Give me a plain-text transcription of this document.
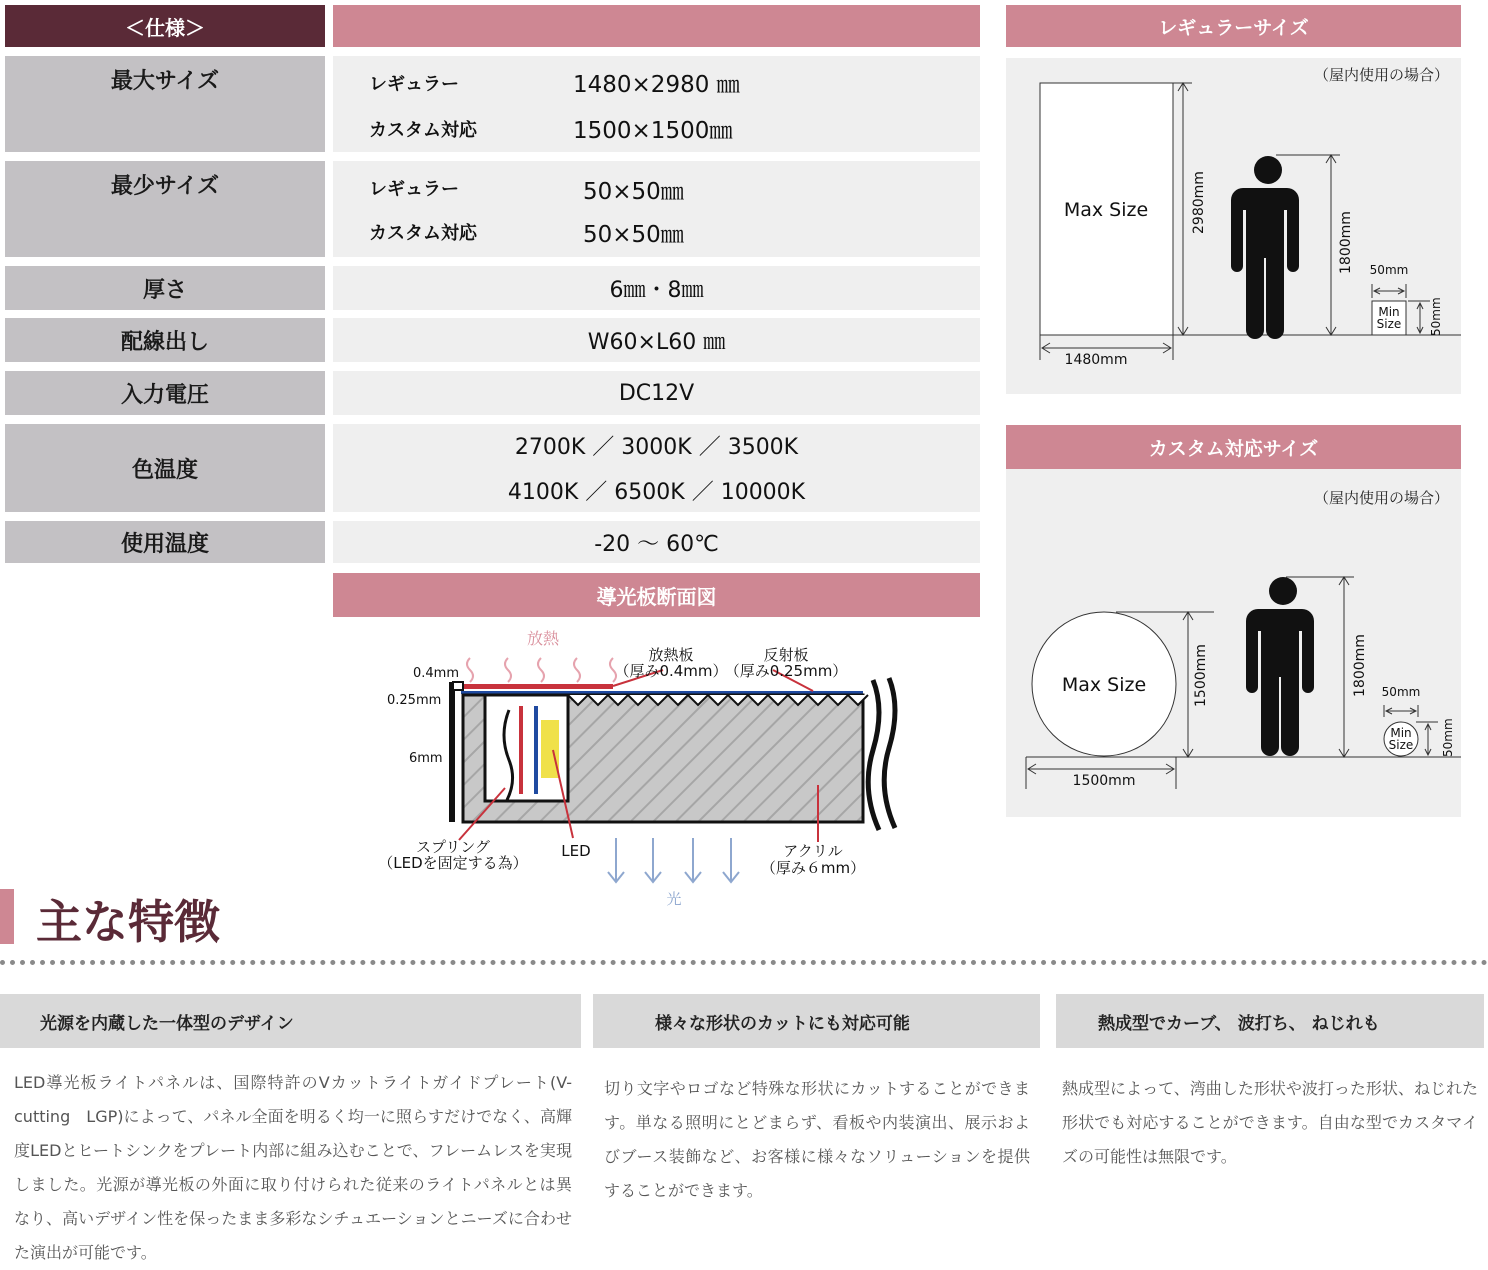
＜仕様＞
最大サイズ	レギュラー	1480×2980 ㎜
カスタム対応	1500×1500㎜
最少サイズ	レギュラー	50×50㎜
カスタム対応	50×50㎜
厚さ	6㎜・8㎜
配線出し	W60×L60 ㎜
入力電圧	DC12V
色温度
2700K ／ 3000K ／ 3500K
4100K ／ 6500K ／ 10000K
使用温度	-20 〜 60℃
導光板断面図
放熱
放熱板
（厚み0.4mm）
反射板
（厚み0.25mm）
0.4mm
0.25mm
6mm
スプリング
（LEDを固定する為）
LED	アクリル
（厚み６mm）
光
レギュラーサイズ
（屋内使用の場合）
Max Size
1480mm
2980mm
1800mm 50mm
50mm
Min
Size
カスタム対応サイズ
（屋内使用の場合）
Max Size
1500mm
1500mm	1800mm 50mm
50mm
Min
Size
主な特徴
光源を内蔵した一体型のデザイン	様々な形状のカットにも対応可能	熱成型でカーブ、 波打ち、 ねじれも
LED導光板ライトパネルは、国際特許のVカットライトガイドプレート(V-cutting　LGP)によって、パネル全面を明るく均一に照らすだけでなく、高輝度LEDとヒートシンクをプレート内部に組み込むことで、フレームレスを実現しました。光源が導光板の外面に取り付けられた従来のライトパネルとは異なり、高いデザイン性を保ったまま多彩なシチュエーションとニーズに合わせた演出が可能です。
切り文字やロゴなど特殊な形状にカットすることができます。単なる照明にとどまらず、看板や内装演出、展示およびブース装飾など、お客様に様々なソリューションを提供することができます。
熱成型によって、湾曲した形状や波打った形状、ねじれた形状でも対応することができます。自由な型でカスタマイズの可能性は無限です。
